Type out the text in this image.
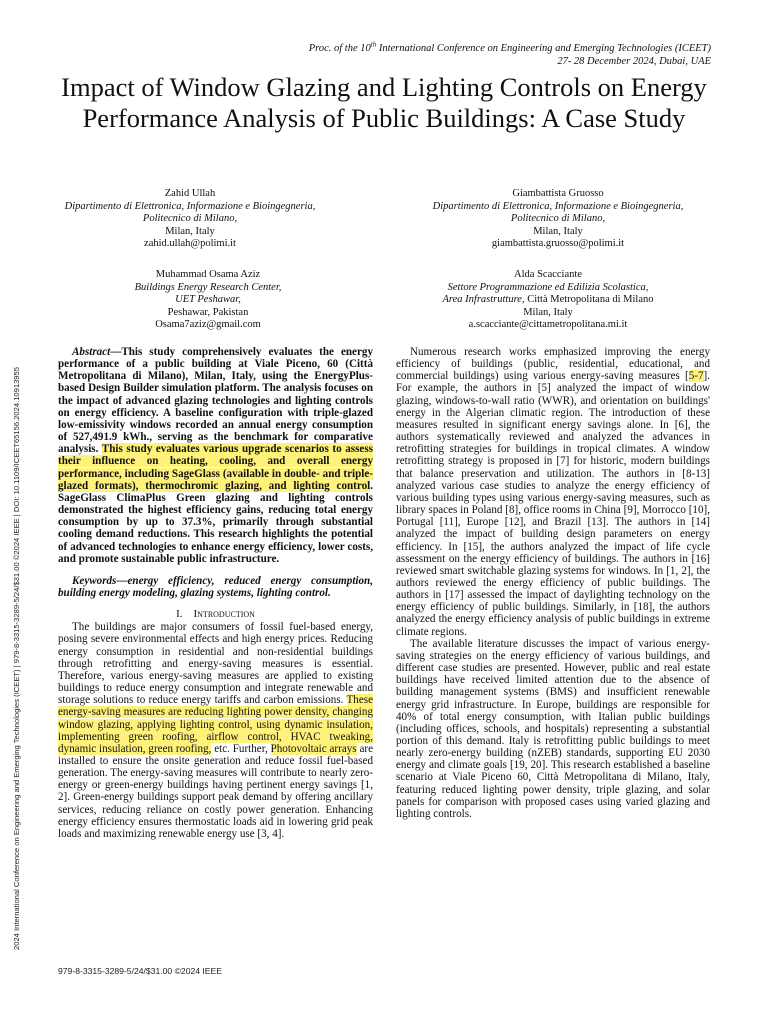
Proc. of the 10th International Conference on Engineering and Emerging Technologies (ICEET)
27- 28 December 2024, Dubai, UAE
Impact of Window Glazing and Lighting Controls on Energy Performance Analysis of Public Buildings: A Case Study
Zahid Ullah
Dipartimento di Elettronica, Informazione e Bioingegneria,
Politecnico di Milano,
Milan, Italy
zahid.ullah@polimi.it
Giambattista Gruosso
Dipartimento di Elettronica, Informazione e Bioingegneria,
Politecnico di Milano,
Milan, Italy
giambattista.gruosso@polimi.it
Muhammad Osama Aziz
Buildings Energy Research Center,
UET Peshawar,
Peshawar, Pakistan
Osama7aziz@gmail.com
Alda Scacciante
Settore Programmazione ed Edilizia Scolastica,
Area Infrastrutture, Città Metropolitana di Milano
Milan, Italy
a.scacciante@cittametropolitana.mi.it
2024 International Conference on Engineering and Emerging Technologies (ICEET) | 979-8-3315-3289-5/24/$31.00 ©2024 IEEE | DOI: 10.1109/ICEET65156.2024.10913955

Abstract—This study comprehensively evaluates the energy performance of a public building at Viale Piceno, 60 (Città Metropolitana di Milano), Milan, Italy, using the EnergyPlus-based Design Builder simulation platform. The analysis focuses on the impact of advanced glazing technologies and lighting controls on energy efficiency. A baseline configuration with triple-glazed low-emissivity windows recorded an annual energy consumption of 527,491.9 kWh., serving as the benchmark for comparative analysis. This study evaluates various upgrade scenarios to assess their influence on heating, cooling, and overall energy performance, including SageGlass (available in double- and triple-glazed formats), thermochromic glazing, and lighting control. SageGlass ClimaPlus Green glazing and lighting controls demonstrated the highest efficiency gains, reducing total energy consumption by up to 37.3%, primarily through substantial cooling demand reductions. This research highlights the potential of advanced technologies to enhance energy efficiency, lower costs, and promote sustainable public infrastructure.

Keywords—energy efficiency, reduced energy consumption, building energy modeling, glazing systems, lighting control.

I. Introduction

The buildings are major consumers of fossil fuel-based energy, posing severe environmental effects and high energy prices. Reducing energy consumption in residential and non-residential buildings through retrofitting and energy-saving measures is essential. Therefore, various energy-saving measures are applied to existing buildings to reduce energy consumption and integrate renewable and storage solutions to reduce energy tariffs and carbon emissions. These energy-saving measures are reducing lighting power density, changing window glazing, applying lighting control, using dynamic insulation, implementing green roofing, airflow control, HVAC tweaking, dynamic insulation, green roofing, etc. Further, Photovoltaic arrays are installed to ensure the onsite generation and reduce fossil fuel-based generation. The energy-saving measures will contribute to nearly zero-energy or green-energy buildings having pertinent energy savings [1, 2]. Green-energy buildings support peak demand by offering ancillary services, reducing reliance on costly power generation. Enhancing energy efficiency ensures thermostatic loads aid in lowering grid peak loads and maximizing renewable energy use [3, 4].

Numerous research works emphasized improving the energy efficiency of buildings (public, residential, educational, and commercial buildings) using various energy-saving measures [5-7]. For example, the authors in [5] analyzed the impact of window glazing, windows-to-wall ratio (WWR), and orientation on buildings' energy in the Algerian climatic region. The introduction of these measures resulted in significant energy savings alone. In [6], the authors systematically reviewed and analyzed the advances in retrofitting strategies for buildings in tropical climates. A window retrofitting strategy is proposed in [7] for historic, modern buildings that balance preservation and utilization. The authors in [8-13] analyzed various case studies to analyze the energy efficiency of various building types using various energy-saving measures, such as library spaces in Poland [8], office rooms in China [9], Morrocco [10], Portugal [11], Europe [12], and Brazil [13]. The authors in [14] analyzed the impact of building design parameters on energy efficiency. In [15], the authors analyzed the impact of life cycle assessment on the energy efficiency of buildings. The authors in [16] reviewed smart switchable glazing systems for windows. In [1, 2], the authors reviewed the energy efficiency of public buildings. The authors in [17] assessed the impact of daylighting technology on the energy efficiency of public buildings. Similarly, in [18], the authors analyzed the energy efficiency analysis of public buildings in extreme climate regions.

The available literature discusses the impact of various energy-saving strategies on the energy efficiency of various buildings, and different case studies are presented. However, public and real estate buildings have received limited attention due to the absence of building management systems (BMS) and insufficient renewable energy grid infrastructure. In Europe, buildings are responsible for 40% of total energy consumption, with Italian public buildings (including offices, schools, and hospitals) representing a substantial portion of this demand. Italy is retrofitting public buildings to meet nearly zero-energy building (nZEB) standards, supporting EU 2030 energy and climate goals [19, 20]. This research established a baseline scenario at Viale Piceno 60, Città Metropolitana di Milano, Italy, featuring reduced lighting power density, triple glazing, and solar panels for comparison with proposed cases using varied glazing and lighting controls.

979-8-3315-3289-5/24/$31.00 ©2024 IEEE
